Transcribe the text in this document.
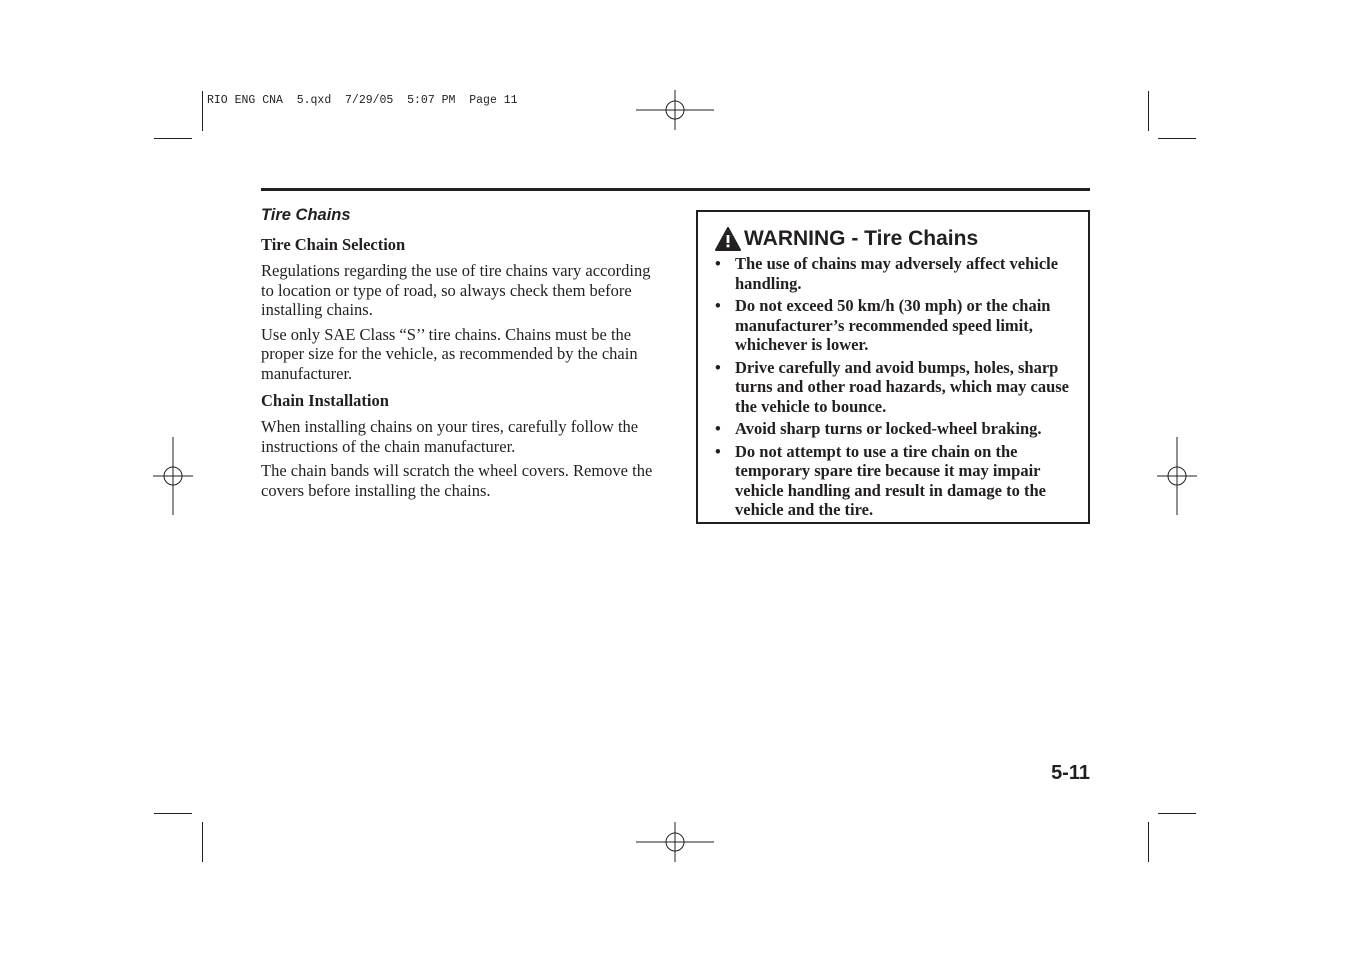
RIO ENG CNA  5.qxd  7/29/05  5:07 PM  Page 11
Tire Chains
Tire Chain Selection

Regulations regarding the use of tire chains vary according to location or type of road, so always check them before installing chains.

Use only SAE Class “S’’ tire chains. Chains must be the proper size for the vehicle, as recommended by the chain manufacturer.

Chain Installation

When installing chains on your tires, carefully follow the instructions of the chain manufacturer.

The chain bands will scratch the wheel covers. Remove the covers before installing the chains.

WARNING - Tire Chains
• The use of chains may adversely affect vehicle handling.
• Do not exceed 50 km/h (30 mph) or the chain manufacturer’s recommended speed limit, whichever is lower.
• Drive carefully and avoid bumps, holes, sharp turns and other road hazards, which may cause the vehicle to bounce.
• Avoid sharp turns or locked-wheel braking.
• Do not attempt to use a tire chain on the temporary spare tire because it may impair vehicle handling and result in damage to the vehicle and the tire.
5-11
